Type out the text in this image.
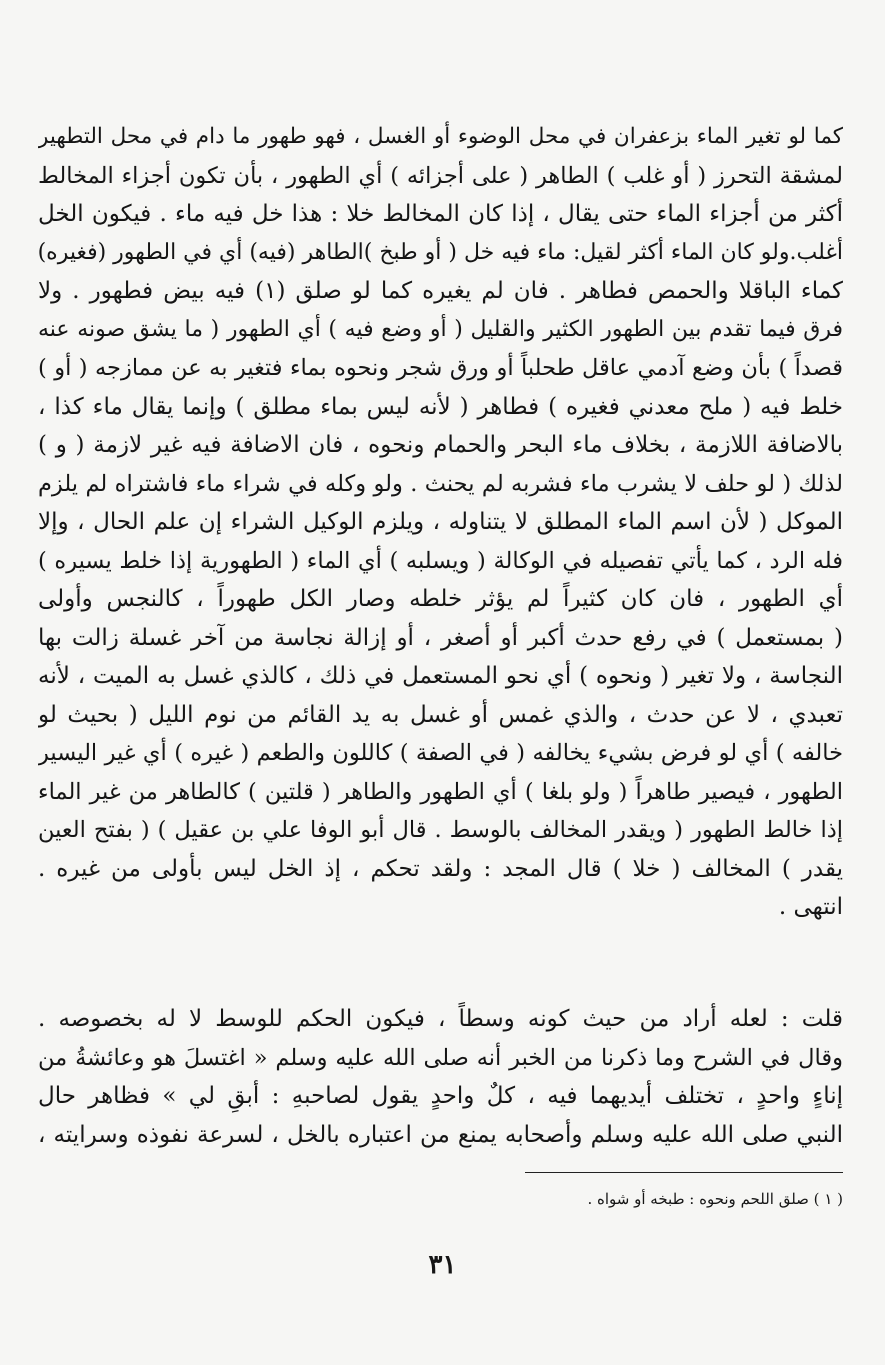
كما لو تغير الماء بزعفران في محل الوضوء أو الغسل ، فهو طهور ما دام في محل التطهير
لمشقة التحرز ( أو غلب ) الطاهر ( على أجزائه ) أي الطهور ، بأن تكون أجزاء المخالط
أكثر من أجزاء الماء حتى يقال ، إذا كان المخالط خلا : هذا خل فيه ماء . فيكون الخل
أغلب.ولو كان الماء أكثر لقيل: ماء فيه خل ( أو طبخ )الطاهر (فيه) أي في الطهور (فغيره)
كماء الباقلا والحمص فطاهر . فان لم يغيره كما لو صلق (١) فيه بيض فطهور . ولا
فرق فيما تقدم بين الطهور الكثير والقليل ( أو وضع فيه ) أي الطهور ( ما يشق صونه عنه
قصداً ) بأن وضع آدمي عاقل طحلباً أو ورق شجر ونحوه بماء فتغير به عن ممازجه ( أو )
خلط فيه ( ملح معدني فغيره ) فطاهر ( لأنه ليس بماء مطلق ) وإنما يقال ماء كذا ،
بالاضافة اللازمة ، بخلاف ماء البحر والحمام ونحوه ، فان الاضافة فيه غير لازمة ( و )
لذلك ( لو حلف لا يشرب ماء فشربه لم يحنث . ولو وكله في شراء ماء فاشتراه لم يلزم
الموكل ( لأن اسم الماء المطلق لا يتناوله ، ويلزم الوكيل الشراء إن علم الحال ، وإلا
فله الرد ، كما يأتي تفصيله في الوكالة ( ويسلبه ) أي الماء ( الطهورية إذا خلط يسيره )
أي الطهور ، فان كان كثيراً لم يؤثر خلطه وصار الكل طهوراً ، كالنجس وأولى
( بمستعمل ) في رفع حدث أكبر أو أصغر ، أو إزالة نجاسة من آخر غسلة زالت بها
النجاسة ، ولا تغير ( ونحوه ) أي نحو المستعمل في ذلك ، كالذي غسل به الميت ، لأنه
تعبدي ، لا عن حدث ، والذي غمس أو غسل به يد القائم من نوم الليل ( بحيث لو
خالفه ) أي لو فرض بشيء يخالفه ( في الصفة ) كاللون والطعم ( غيره ) أي غير اليسير
الطهور ، فيصير طاهراً ( ولو بلغا ) أي الطهور والطاهر ( قلتين ) كالطاهر من غير الماء
إذا خالط الطهور ( ويقدر المخالف بالوسط . قال أبو الوفا علي بن عقيل ) ( بفتح العين
يقدر ) المخالف ( خلا ) قال المجد : ولقد تحكم ، إذ الخل ليس بأولى من غيره .
انتهى .
قلت : لعله أراد من حيث كونه وسطاً ، فيكون الحكم للوسط لا له بخصوصه .
وقال في الشرح وما ذكرنا من الخبر أنه صلى الله عليه وسلم « اغتسلَ هو وعائشةُ من
إناءٍ واحدٍ ، تختلف أيديهما فيه ، كلٌ واحدٍ يقول لصاحبهِ : أبقِ لي » فظاهر حال
النبي صلى الله عليه وسلم وأصحابه يمنع من اعتباره بالخل ، لسرعة نفوذه وسرايته ،
( ١ ) صلق اللحم ونحوه : طبخه أو شواه .
٣١
